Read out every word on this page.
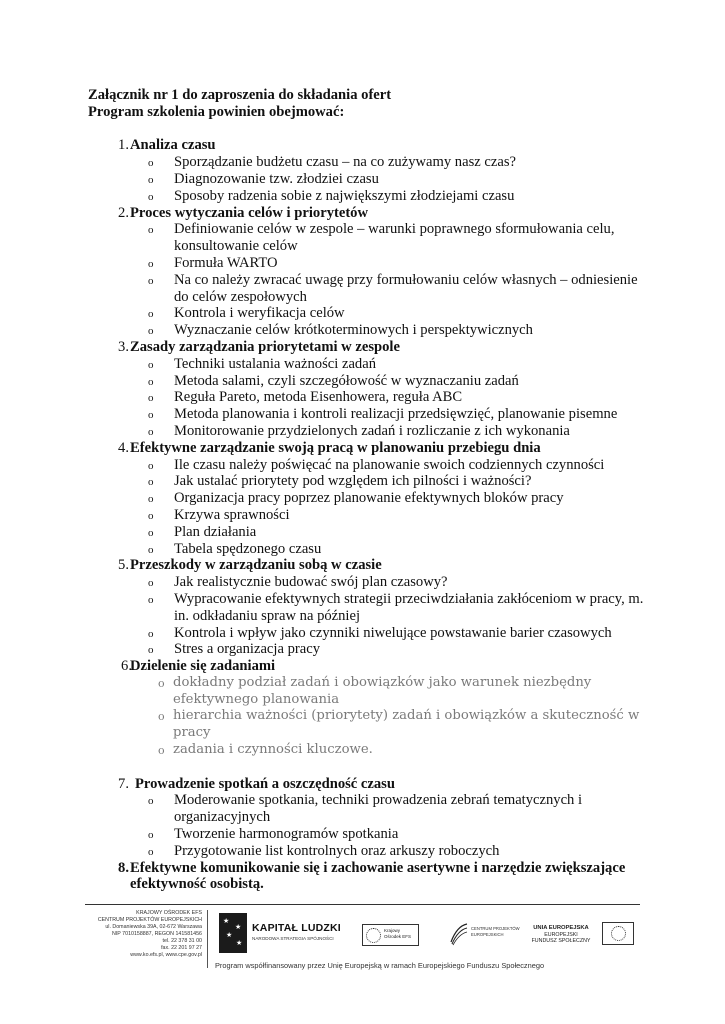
Załącznik nr 1 do zaproszenia do składania ofert

Program szkolenia powinien obejmować:

1. Analiza czasu
o Sporządzanie budżetu czasu – na co zużywamy nasz czas?
o Diagnozowanie tzw. złodziei czasu
o Sposoby radzenia sobie z największymi złodziejami czasu
2. Proces wytyczania celów i priorytetów
o Definiowanie celów w zespole – warunki poprawnego sformułowania celu, konsultowanie celów
o Formuła WARTO
o Na co należy zwracać uwagę przy formułowaniu celów własnych – odniesienie do celów zespołowych
o Kontrola i weryfikacja celów
o Wyznaczanie celów krótkoterminowych i perspektywicznych
3. Zasady zarządzania priorytetami w zespole
o Techniki ustalania ważności zadań
o Metoda salami, czyli szczegółowość w wyznaczaniu zadań
o Reguła Pareto, metoda Eisenhowera, reguła ABC
o Metoda planowania i kontroli realizacji przedsięwzięć, planowanie pisemne
o Monitorowanie przydzielonych zadań i rozliczanie z ich wykonania
4. Efektywne zarządzanie swoją pracą w planowaniu przebiegu dnia
o Ile czasu należy poświęcać na planowanie swoich codziennych czynności
o Jak ustalać priorytety pod względem ich pilności i ważności?
o Organizacja pracy poprzez planowanie efektywnych bloków pracy
o Krzywa sprawności
o Plan działania
o Tabela spędzonego czasu
5. Przeszkody w zarządzaniu sobą w czasie
o Jak realistycznie budować swój plan czasowy?
o Wypracowanie efektywnych strategii przeciwdziałania zakłóceniom w pracy, m. in. odkładaniu spraw na później
o Kontrola i wpływ jako czynniki niwelujące powstawanie barier czasowych
o Stres a organizacja pracy
6.
Dzielenie się zadaniami
o dokładny podział zadań i obowiązków jako warunek niezbędny efektywnego planowania
o hierarchia ważności (priorytety) zadań i obowiązków a skuteczność w pracy
o zadania i czynności kluczowe.
7. Prowadzenie spotkań a oszczędność czasu
o Moderowanie spotkania, techniki prowadzenia zebrań tematycznych i organizacyjnych
o Tworzenie harmonogramów spotkania
o Przygotowanie list kontrolnych oraz arkuszy roboczych
8. Efektywne komunikowanie się i zachowanie asertywne i narzędzie zwiększające efektywność osobistą.
KRAJOWY OŚRODEK EFS
CENTRUM PROJEKTÓW EUROPEJSKICH
ul. Domaniewska 39A, 02-672 Warszawa
NIP 7010158887, REGON 141581456
tel. 22 378 31 00
fax. 22 201 97 27
www.ko.efs.pl, www.cpe.gov.pl
★
★
★
★
KAPITAŁ LUDZKI
NARODOWA STRATEGIA SPÓJNOŚCI
Krajowy
Ośrodek EFS
CENTRUM PROJEKTÓW
EUROPEJSKICH
UNIA EUROPEJSKA
EUROPEJSKI
FUNDUSZ SPOŁECZNY
Program współfinansowany przez Unię Europejską w ramach Europejskiego Funduszu Społecznego
